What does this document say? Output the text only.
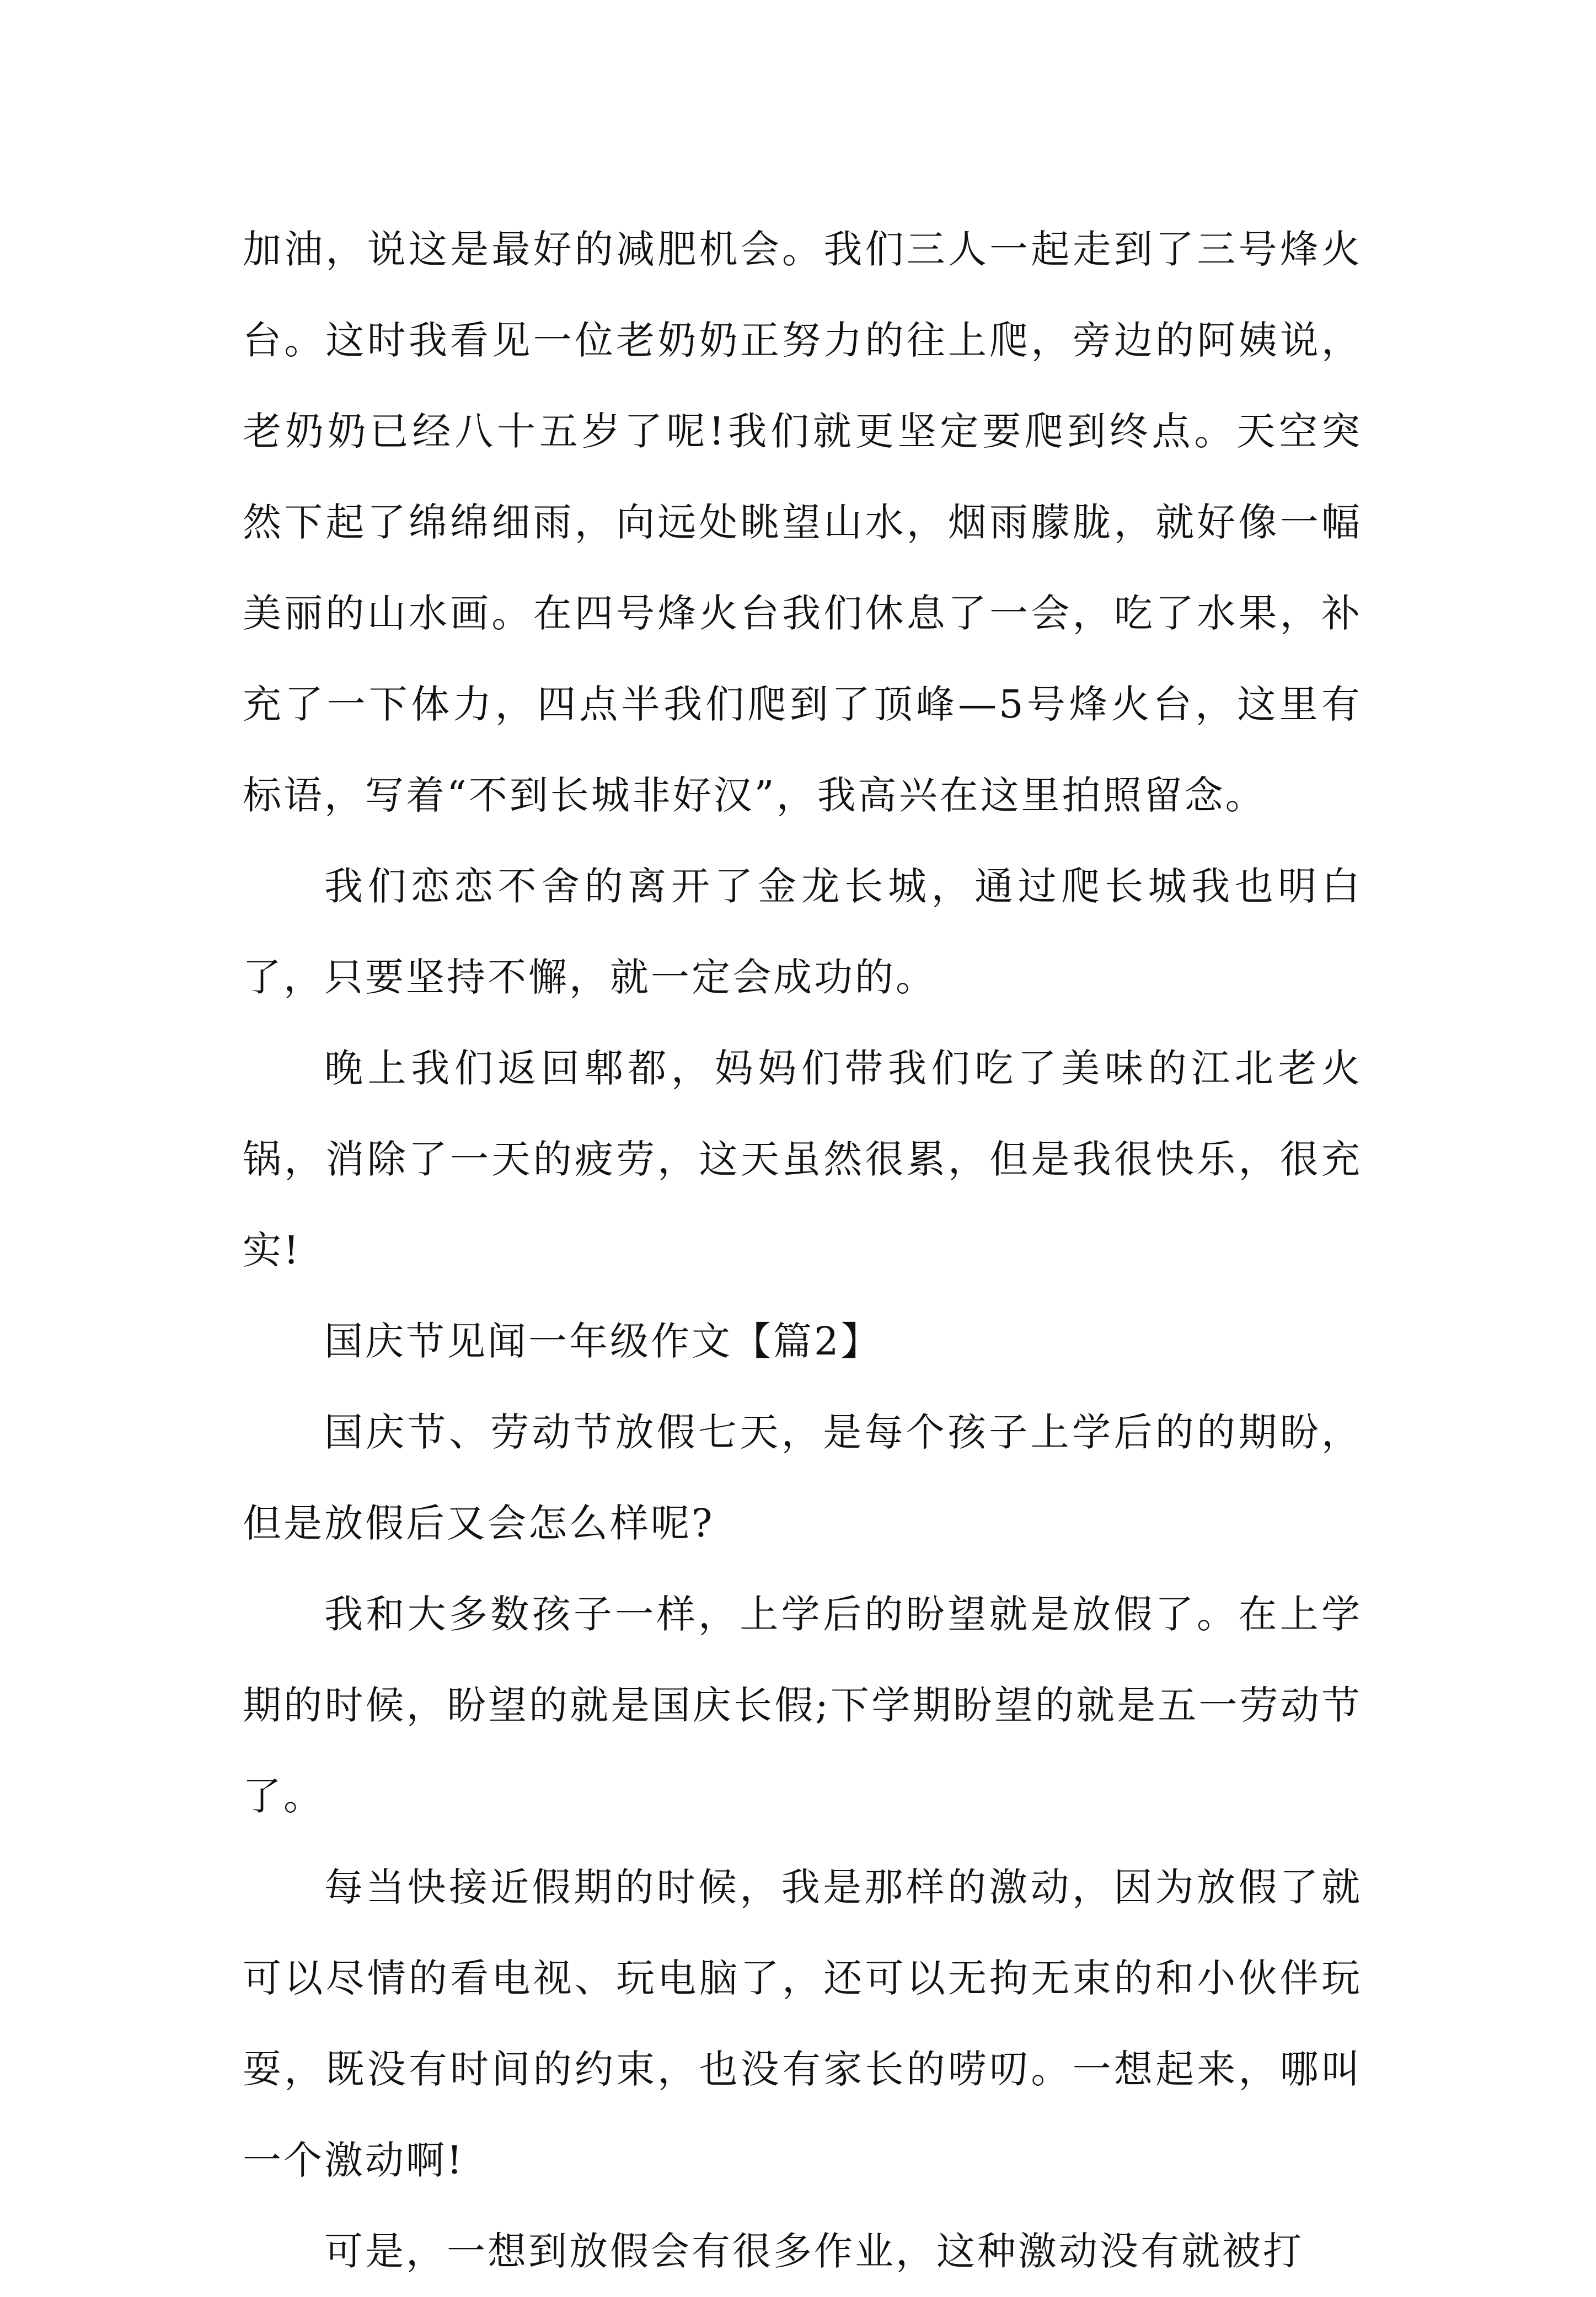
加油，说这是最好的减肥机会。我们三人一起走到了三号烽火台。这时我看见一位老奶奶正努力的往上爬，旁边的阿姨说，老奶奶已经八十五岁了呢!我们就更坚定要爬到终点。天空突然下起了绵绵细雨，向远处眺望山水，烟雨朦胧，就好像一幅美丽的山水画。在四号烽火台我们休息了一会，吃了水果，补充了一下体力，四点半我们爬到了顶峰—5号烽火台，这里有标语，写着“不到长城非好汉”，我高兴在这里拍照留念。

我们恋恋不舍的离开了金龙长城，通过爬长城我也明白了，只要坚持不懈，就一定会成功的。

晚上我们返回郫都，妈妈们带我们吃了美味的江北老火锅，消除了一天的疲劳，这天虽然很累，但是我很快乐，很充实!

国庆节见闻一年级作文【篇2】

国庆节、劳动节放假七天，是每个孩子上学后的的期盼，但是放假后又会怎么样呢?

我和大多数孩子一样，上学后的盼望就是放假了。在上学期的时候，盼望的就是国庆长假;下学期盼望的就是五一劳动节了。

每当快接近假期的时候，我是那样的激动，因为放假了就可以尽情的看电视、玩电脑了，还可以无拘无束的和小伙伴玩耍，既没有时间的约束，也没有家长的唠叨。一想起来，哪叫一个激动啊!

可是，一想到放假会有很多作业，这种激动没有就被打
